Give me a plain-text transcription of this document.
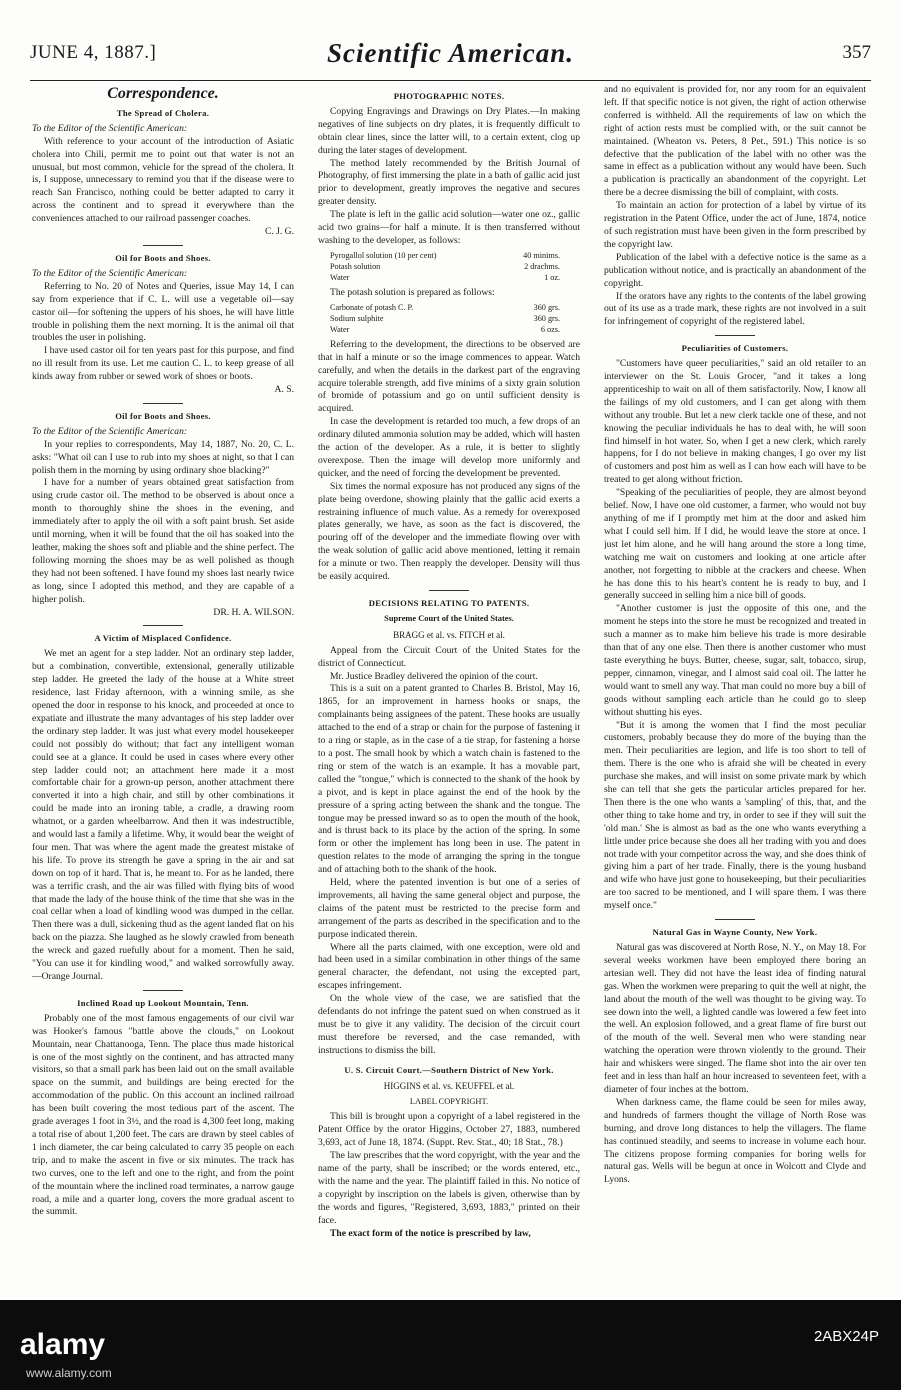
JUNE 4, 1887.]	Scientific American.	357
Correspondence.
The Spread of Cholera.

To the Editor of the Scientific American:

With reference to your account of the introduction of Asiatic cholera into Chili, permit me to point out that water is not an unusual, but most common, vehicle for the spread of the cholera. It is, I suppose, unnecessary to remind you that if the disease were to reach San Francisco, nothing could be better adapted to carry it across the continent and to spread it everywhere than the conveniences attached to our railroad passenger coaches.

C. J. G.
Oil for Boots and Shoes.

To the Editor of the Scientific American:

Referring to No. 20 of Notes and Queries, issue May 14, I can say from experience that if C. L. will use a vegetable oil—say castor oil—for softening the uppers of his shoes, he will have little trouble in polishing them the next morning. It is the animal oil that troubles the user in polishing.

I have used castor oil for ten years past for this purpose, and find no ill result from its use. Let me caution C. L. to keep grease of all kinds away from rubber or sewed work of shoes or boots.

A. S.
Oil for Boots and Shoes.

To the Editor of the Scientific American:

In your replies to correspondents, May 14, 1887, No. 20, C. L. asks: "What oil can I use to rub into my shoes at night, so that I can polish them in the morning by using ordinary shoe blacking?"

I have for a number of years obtained great satisfaction from using crude castor oil. The method to be observed is about once a month to thoroughly shine the shoes in the evening, and immediately after to apply the oil with a soft paint brush. Set aside until morning, when it will be found that the oil has soaked into the leather, making the shoes soft and pliable and the shine perfect. The following morning the shoes may be as well polished as though they had not been softened. I have found my shoes last nearly twice as long, since I adopted this method, and they are capable of a higher polish.

DR. H. A. WILSON.
A Victim of Misplaced Confidence.

We met an agent for a step ladder. Not an ordinary step ladder, but a combination, convertible, extensional, generally utilizable step ladder. He greeted the lady of the house at a White street residence, last Friday afternoon, with a winning smile, as she opened the door in response to his knock, and proceeded at once to expatiate and illustrate the many advantages of his step ladder over the ordinary step ladder. It was just what every model housekeeper could not possibly do without; that fact any intelligent woman could see at a glance. It could be used in cases where every other step ladder could not; an attachment here made it a most comfortable chair for a grown-up person, another attachment there converted it into a high chair, and still by other combinations it could be made into an ironing table, a cradle, a drawing room whatnot, or a garden wheelbarrow. And then it was indestructible, and would last a family a lifetime. Why, it would bear the weight of four men. That was where the agent made the greatest mistake of his life. To prove its strength he gave a spring in the air and sat down on top of it hard. That is, he meant to. For as he landed, there was a terrific crash, and the air was filled with flying bits of wood that made the lady of the house think of the time that she was in the coal cellar when a load of kindling wood was dumped in the cellar. Then there was a dull, sickening thud as the agent landed flat on his back on the piazza. She laughed as he slowly crawled from beneath the wreck and gazed ruefully about for a moment. Then he said, "You can use it for kindling wood," and walked sorrowfully away.—Orange Journal.

Inclined Road up Lookout Mountain, Tenn.

Probably one of the most famous engagements of our civil war was Hooker's famous "battle above the clouds," on Lookout Mountain, near Chattanooga, Tenn. The place thus made historical is one of the most sightly on the continent, and has attracted many visitors, so that a small park has been laid out on the small available space on the summit, and buildings are being erected for the accommodation of the public. On this account an inclined railroad has been built covering the most tedious part of the ascent. The grade averages 1 foot in 3½, and the road is 4,300 feet long, making a total rise of about 1,200 feet. The cars are drawn by steel cables of 1 inch diameter, the car being calculated to carry 35 people on each trip, and to make the ascent in five or six minutes. The track has two curves, one to the left and one to the right, and from the point of the mountain where the inclined road terminates, a narrow gauge road, a mile and a quarter long, covers the more gradual ascent to the summit.

PHOTOGRAPHIC NOTES.

Copying Engravings and Drawings on Dry Plates.—In making negatives of line subjects on dry plates, it is frequently difficult to obtain clear lines, since the latter will, to a certain extent, clog up during the later stages of development.

The method lately recommended by the British Journal of Photography, of first immersing the plate in a bath of gallic acid just prior to development, greatly improves the negative and secures greater density.

The plate is left in the gallic acid solution—water one oz., gallic acid two grains—for half a minute. It is then transferred without washing to the developer, as follows:

Pyrogallol solution (10 per cent)	40 minims.
Potash solution	2 drachms.
Water	1 oz.

The potash solution is prepared as follows:

Carbonate of potash C. P.	360 grs.
Sodium sulphite	360 grs.
Water	6 ozs.

Referring to the development, the directions to be observed are that in half a minute or so the image commences to appear. Watch carefully, and when the details in the darkest part of the engraving acquire tolerable strength, add five minims of a sixty grain solution of bromide of potassium and go on until sufficient density is acquired.

In case the development is retarded too much, a few drops of an ordinary diluted ammonia solution may be added, which will hasten the action of the developer. As a rule, it is better to slightly overexpose. Then the image will develop more uniformly and quicker, and the need of forcing the development be prevented.

Six times the normal exposure has not produced any signs of the plate being overdone, showing plainly that the gallic acid exerts a restraining influence of much value. As a remedy for overexposed plates generally, we have, as soon as the fact is discovered, the pouring off of the developer and the immediate flowing over with the weak solution of gallic acid above mentioned, letting it remain for a minute or two. Then reapply the developer. Density will thus be easily acquired.

DECISIONS RELATING TO PATENTS.
Supreme Court of the United States.
BRAGG et al. vs. FITCH et al.

Appeal from the Circuit Court of the United States for the district of Connecticut.

Mr. Justice Bradley delivered the opinion of the court.

This is a suit on a patent granted to Charles B. Bristol, May 16, 1865, for an improvement in harness hooks or snaps, the complainants being assignees of the patent. These hooks are usually attached to the end of a strap or chain for the purpose of fastening it to a ring or staple, as in the case of a tie strap, for fastening a horse to a post. The small hook by which a watch chain is fastened to the ring or stem of the watch is an example. It has a movable part, called the "tongue," which is connected to the shank of the hook by a pivot, and is kept in place against the end of the hook by the pressure of a spring acting between the shank and the tongue. The tongue may be pressed inward so as to open the mouth of the hook, and is thrust back to its place by the action of the spring. In some form or other the implement has long been in use. The patent in question relates to the mode of arranging the spring in the tongue and of attaching both to the shank of the hook.

Held, where the patented invention is but one of a series of improvements, all having the same general object and purpose, the claims of the patent must be restricted to the precise form and arrangement of the parts as described in the specification and to the purpose indicated therein.

Where all the parts claimed, with one exception, were old and had been used in a similar combination in other things of the same general character, the defendant, not using the excepted part, escapes infringement.

On the whole view of the case, we are satisfied that the defendants do not infringe the patent sued on when construed as it must be to give it any validity. The decision of the circuit court must therefore be reversed, and the case remanded, with instructions to dismiss the bill.

U. S. Circuit Court.—Southern District of New York.
HIGGINS et al. vs. KEUFFEL et al.
LABEL COPYRIGHT.

This bill is brought upon a copyright of a label registered in the Patent Office by the orator Higgins, October 27, 1883, numbered 3,693, act of June 18, 1874. (Suppt. Rev. Stat., 40; 18 Stat., 78.)

The law prescribes that the word copyright, with the year and the name of the party, shall be inscribed; or the words entered, etc., with the name and the year. The plaintiff failed in this. No notice of a copyright by inscription on the labels is given, otherwise than by the words and figures, "Registered, 3,693, 1883," printed on their face.

The exact form of the notice is prescribed by law,

and no equivalent is provided for, nor any room for an equivalent left. If that specific notice is not given, the right of action otherwise conferred is withheld. All the requirements of law on which the right of action rests must be complied with, or the suit cannot be maintained. (Wheaton vs. Peters, 8 Pet., 591.) This notice is so defective that the publication of the label with no other was the same in effect as a publication without any would have been. Such a publication is practically an abandonment of the copyright. Let there be a decree dismissing the bill of complaint, with costs.

To maintain an action for protection of a label by virtue of its registration in the Patent Office, under the act of June, 1874, notice of such registration must have been given in the form prescribed by the copyright law.

Publication of the label with a defective notice is the same as a publication without notice, and is practically an abandonment of the copyright.

If the orators have any rights to the contents of the label growing out of its use as a trade mark, these rights are not involved in a suit for infringement of copyright of the registered label.

Peculiarities of Customers.

"Customers have queer peculiarities," said an old retailer to an interviewer on the St. Louis Grocer, "and it takes a long apprenticeship to wait on all of them satisfactorily. Now, I know all the failings of my old customers, and I can get along with them without any trouble. But let a new clerk tackle one of these, and not knowing the peculiar individuals he has to deal with, he will soon find himself in hot water. So, when I get a new clerk, which rarely happens, for I do not believe in making changes, I go over my list of customers and post him as well as I can how each will have to be treated to get along without friction.

"Speaking of the peculiarities of people, they are almost beyond belief. Now, I have one old customer, a farmer, who would not buy anything of me if I promptly met him at the door and asked him what I could sell him. If I did, he would leave the store at once. I just let him alone, and he will hang around the store a long time, watching me wait on customers and looking at one article after another, not forgetting to nibble at the crackers and cheese. When he has done this to his heart's content he is ready to buy, and I generally succeed in selling him a nice bill of goods.

"Another customer is just the opposite of this one, and the moment he steps into the store he must be recognized and treated in such a manner as to make him believe his trade is more desirable than that of any one else. Then there is another customer who must taste everything he buys. Butter, cheese, sugar, salt, tobacco, sirup, pepper, cinnamon, vinegar, and I almost said coal oil. The latter he would want to smell any way. That man could no more buy a bill of goods without sampling each article than he could go to sleep without shutting his eyes.

"But it is among the women that I find the most peculiar customers, probably because they do more of the buying than the men. Their peculiarities are legion, and life is too short to tell of them. There is the one who is afraid she will be cheated in every purchase she makes, and will insist on some private mark by which she can tell that she gets the particular articles prepared for her. Then there is the one who wants a 'sampling' of this, that, and the other thing to take home and try, in order to see if they will suit the 'old man.' She is almost as bad as the one who wants everything a little under price because she does all her trading with you and does not trade with your competitor across the way, and she does think of giving him a part of her trade. Finally, there is the young husband and wife who have just gone to housekeeping, but their peculiarities are too sacred to be mentioned, and I will spare them. I was there myself once."

Natural Gas in Wayne County, New York.

Natural gas was discovered at North Rose, N. Y., on May 18. For several weeks workmen have been employed there boring an artesian well. They did not have the least idea of finding natural gas. When the workmen were preparing to quit the well at night, the land about the mouth of the well was thought to be giving way. To see down into the well, a lighted candle was lowered a few feet into the well. An explosion followed, and a great flame of fire burst out of the mouth of the well. Several men who were standing near watching the operation were thrown violently to the ground. Their hair and whiskers were singed. The flame shot into the air over ten feet and in less than half an hour increased to seventeen feet, with a diameter of four inches at the bottom.

When darkness came, the flame could be seen for miles away, and hundreds of farmers thought the village of North Rose was burning, and drove long distances to help the villagers. The flame has continued steadily, and seems to increase in volume each hour. The citizens propose forming companies for boring wells for natural gas. Wells will be begun at once in Wolcott and Clyde and Lyons.

alamy
www.alamy.com
2ABX24P
